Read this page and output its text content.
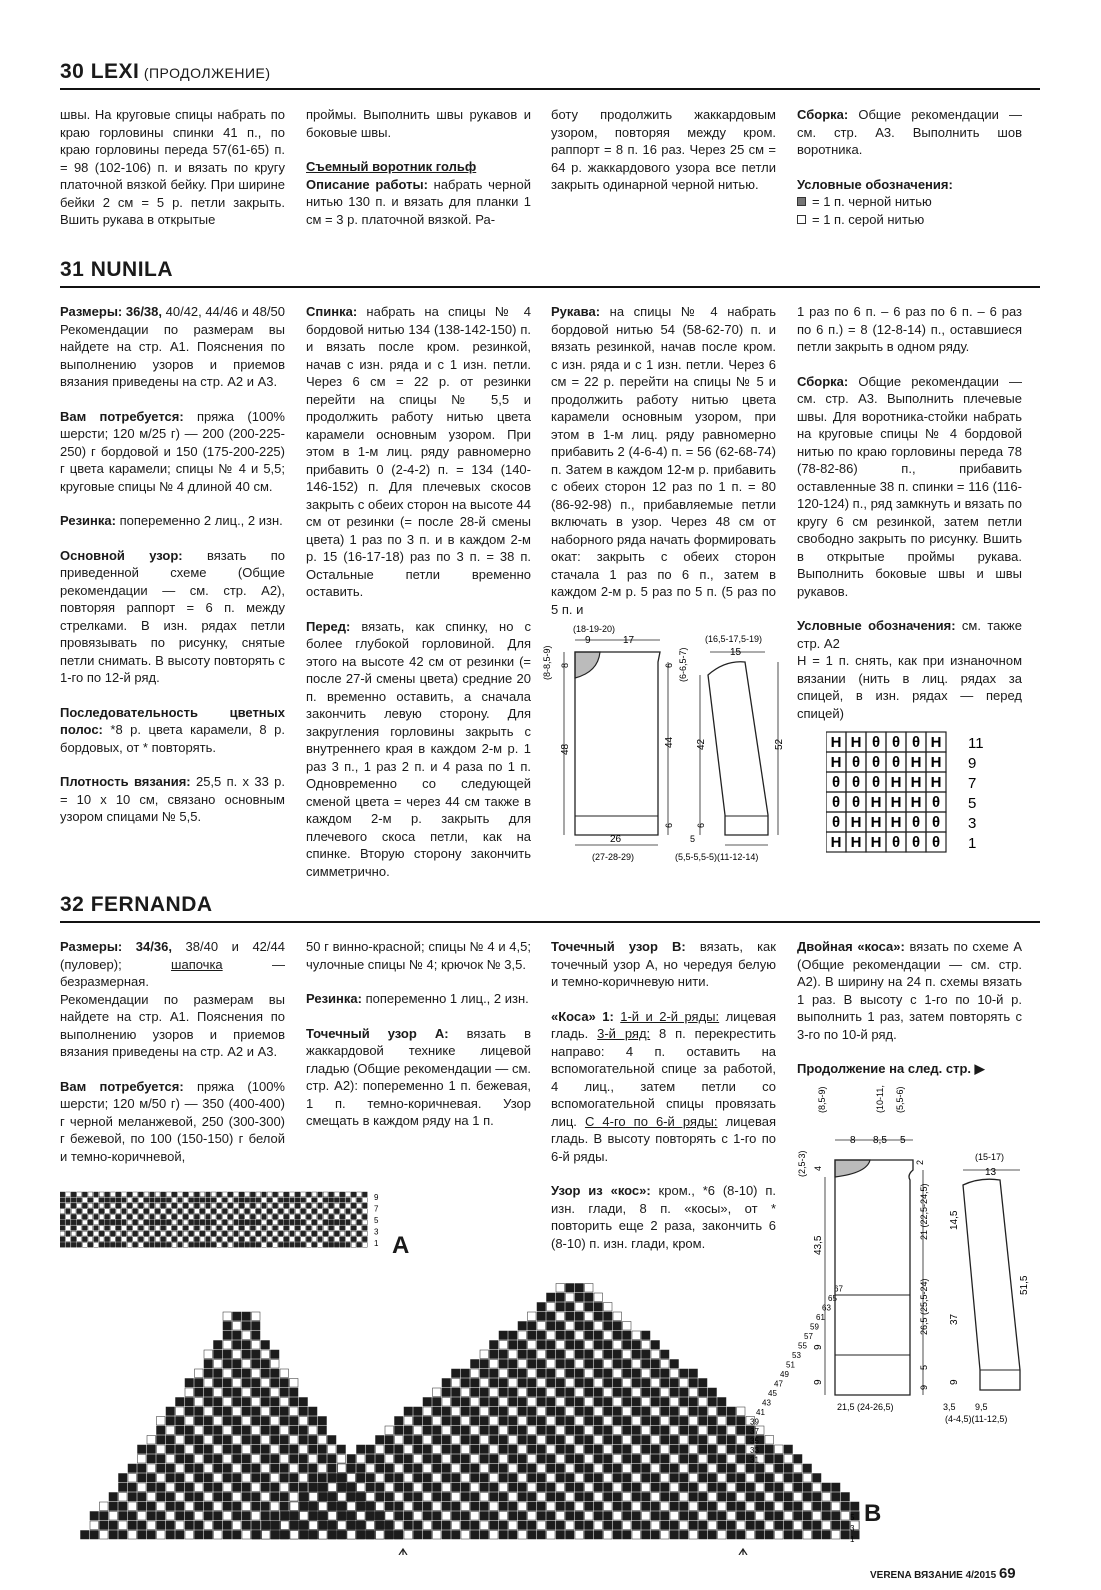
30 LEXI (ПРОДОЛЖЕНИЕ)

швы. На круговые спицы набрать по краю горловины спинки 41 п., по краю горловины переда 57(61-65) п. = 98 (102-106) п. и вязать по кругу платочной вязкой бейку. При ширине бейки 2 см = 5 р. петли закрыть. Вшить рукава в открытые

проймы. Выполнить швы рукавов и боковые швы.

Съемный воротник гольф

Описание работы: набрать черной нитью 130 п. и вязать для планки 1 см = 3 р. платочной вязкой. Ра-

боту продолжить жаккардовым узором, повторяя между кром. раппорт = 8 п. 16 раз. Через 25 см = 64 р. жаккардового узора все петли закрыть одинарной черной нитью.

Сборка: Общие рекомендации — см. стр. А3. Выполнить шов воротника.

Условные обозначения:

= 1 п. черной нитью
= 1 п. серой нитью
31 NUNILA

Размеры: 36/38, 40/42, 44/46 и 48/50

Рекомендации по размерам вы найдете на стр. А1. Пояснения по выполнению узоров и приемов вязания приведены на стр. А2 и А3.

Вам потребуется: пряжа (100% шерсти; 120 м/25 г) — 200 (200-225-250) г бордовой и 150 (175-200-225) г цвета карамели; спицы № 4 и 5,5; круговые спицы № 4 длиной 40 см.

Резинка: попеременно 2 лиц., 2 изн.

Основной узор: вязать по приведенной схеме (Общие рекомендации — см. стр. А2), повторяя раппорт = 6 п. между стрелками. В изн. рядах петли провязывать по рисунку, снятые петли снимать. В высоту повторять с 1-го по 12-й ряд.

Последовательность цветных полос: *8 р. цвета карамели, 8 р. бордовых, от * повторять.

Плотность вязания: 25,5 п. х 33 р. = 10 х 10 см, связано основным узором спицами № 5,5.

Спинка: набрать на спицы № 4 бордовой нитью 134 (138-142-150) п. и вязать после кром. резинкой, начав с изн. ряда и с 1 изн. петли. Через 6 см = 22 р. от резинки перейти на спицы № 5,5 и продолжить работу нитью цвета карамели основным узором. При этом в 1-м лиц. ряду равномерно прибавить 0 (2-4-2) п. = 134 (140-146-152) п. Для плечевых скосов закрыть с обеих сторон на высоте 44 см от резинки (= после 28-й смены цвета) 1 раз по 3 п. и в каждом 2-м р. 15 (16-17-18) раз по 3 п. = 38 п. Остальные петли временно оставить.

Перед: вязать, как спинку, но с более глубокой горловиной. Для этого на высоте 42 см от резинки (= после 27-й смены цвета) средние 20 п. временно оставить, а сначала закончить левую сторону. Для закругления горловины закрыть с внутреннего края в каждом 2-м р. 1 раз 3 п., 1 раз 2 п. и 4 раза по 1 п. Одновременно со следующей сменой цвета = через 44 см также в каждом 2-м р. закрыть для плечевого скоса петли, как на спинке. Вторую сторону закончить симметрично.

Рукава: на спицы № 4 набрать бордовой нитью 54 (58-62-70) п. и вязать резинкой, начав после кром. с изн. ряда и с 1 изн. петли. Через 6 см = 22 р. перейти на спицы № 5 и продолжить работу нитью цвета карамели основным узором, при этом в 1-м лиц. ряду равномерно прибавить 2 (4-6-4) п. = 56 (62-68-74) п. Затем в каждом 12-м р. прибавить с обеих сторон 12 раз по 1 п. = 80 (86-92-98) п., прибавляемые петли включать в узор. Через 48 см от наборного ряда начать формировать окат: закрыть с обеих сторон стачала 1 раз по 6 п., затем в каждом 2-м р. 5 раз по 5 п. (5 раз по 5 п. и

1 раз по 6 п. – 6 раз по 6 п. – 6 раз по 6 п.) = 8 (12-8-14) п., оставшиеся петли закрыть в одном ряду.

Сборка: Общие рекомендации — см. стр. А3. Выполнить плечевые швы. Для воротника-стойки набрать на круговые спицы № 4 бордовой нитью по краю горловины переда 78 (78-82-86) п., прибавить оставленные 38 п. спинки = 116 (116-120-124) п., ряд замкнуть и вязать по кругу 6 см резинкой, затем петли свободно закрыть по рисунку. Вшить в открытые проймы рукава. Выполнить боковые швы и швы рукавов.

Условные обозначения: см. также стр. А2

H = 1 п. снять, как при изнаночном вязании (нить в лиц. рядах за спицей, в изн. рядах — перед спицей)

H H θ θ θ H 11
H θ θ θ H H 9
θ θ θ H H H 7
θ θ H H H θ 5
θ H H H θ θ 3
H H H θ θ θ 1
(18-19-20)
9	17
(8-8,5-9) 8
48
44
6
6 (6-6,5-7)
26
(27-28-29)
(16,5-17,5-19)
15
42	52
6
5
(5,5-5,5-5)(11-12-14)
32 FERNANDA

Размеры: 34/36, 38/40 и 42/44 (пуловер); шапочка — безразмерная.

Рекомендации по размерам вы найдете на стр. А1. Пояснения по выполнению узоров и приемов вязания приведены на стр. А2 и А3.

Вам потребуется: пряжа (100% шерсти; 120 м/50 г) — 350 (400-400) г черной меланжевой, 250 (300-300) г бежевой, по 100 (150-150) г белой и темно-коричневой,

50 г винно-красной; спицы № 4 и 4,5; чулочные спицы № 4; крючок № 3,5.

Резинка: попеременно 1 лиц., 2 изн.

Точечный узор А: вязать в жаккардовой технике лицевой гладью (Общие рекомендации — см. стр. А2): попеременно 1 п. бежевая, 1 п. темно-коричневая. Узор смещать в каждом ряду на 1 п.

Точечный узор В: вязать, как точечный узор А, но чередуя белую и темно-коричневую нити.

«Коса» 1: 1-й и 2-й ряды: лицевая гладь. 3-й ряд: 8 п. перекрестить направо: 4 п. оставить на вспомогательной спице за работой, 4 лиц., затем петли со вспомогательной спицы провязать лиц. С 4-го по 6-й ряды: лицевая гладь. В высоту повторять с 1-го по 6-й ряды.

Узор из «кос»: кром., *6 (8-10) п. изн. глади, 8 п. «косы», от * повторить еще 2 раза, закончить 6 (8-10) п. изн. глади, кром.

Двойная «коса»: вязать по схеме А (Общие рекомендации — см. стр. А2). В ширину на 24 п. схемы вязать 1 раз. В высоту с 1-го по 10-й р. выполнить 1 раз, затем повторять с 3-го по 10-й ряд.

Продолжение на след. стр. ▶

9
7
5
3
1 A
67
65
63
61
59
57
55
53
51
49
47
45
43
41
39
37
35
33
31
5
3
1
B
(8,5-9)	(10-11,5) (5,5-6)
8 8,5 5
(2,5-3) 4
2
43,5
9
9
21 (22,5-24,5)
26,5 (25,5-24)
5
9
21,5 (24-26,5)
(15-17)
13
14,5
37
9
51,5
3,5 9,5
(4-4,5)(11-12,5)
VERENA ВЯЗАНИЕ 4/2015 69
